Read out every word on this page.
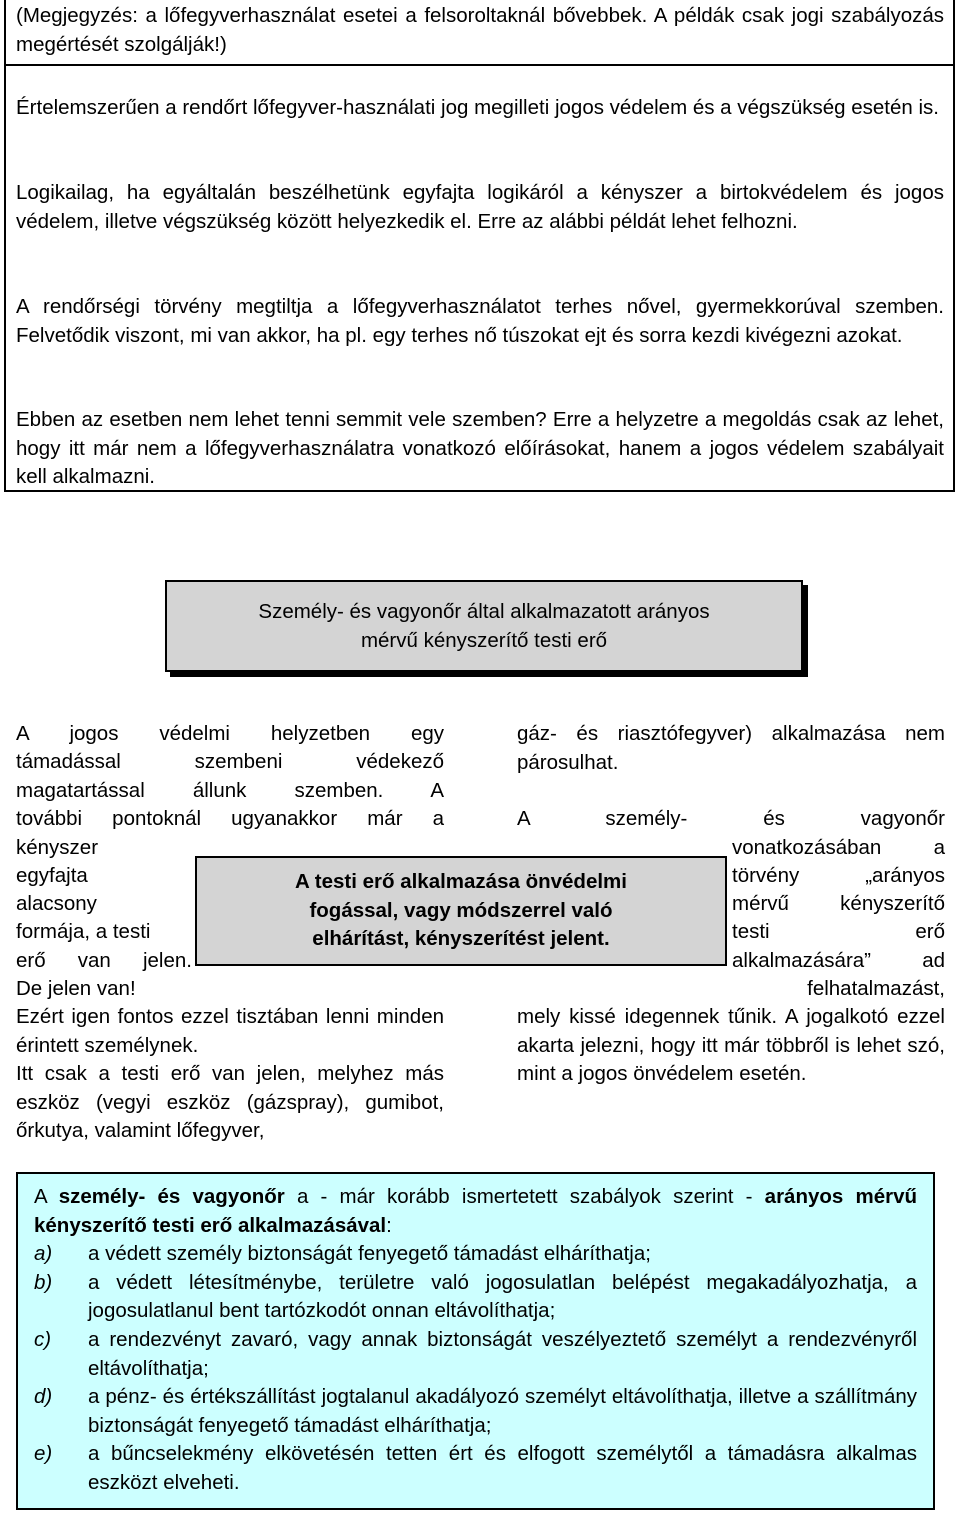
(Megjegyzés: a lőfegyverhasználat esetei a felsoroltaknál bővebbek. A példák csak jogi szabályozás megértését szolgálják!)

Értelemszerűen a rendőrt lőfegyver-használati jog megilleti jogos védelem és a végszükség esetén is.

Logikailag, ha egyáltalán beszélhetünk egyfajta logikáról a kényszer a birtokvédelem és jogos védelem, illetve végszükség között helyezkedik el. Erre az alábbi példát lehet felhozni.

A rendőrségi törvény megtiltja a lőfegyverhasználatot terhes nővel, gyermekkorúval szemben. Felvetődik viszont, mi van akkor, ha pl. egy terhes nő túszokat ejt és sorra kezdi kivégezni azokat.

Ebben az esetben nem lehet tenni semmit vele szemben? Erre a helyzetre a megoldás csak az lehet, hogy itt már nem a lőfegyverhasználatra vonatkozó előírásokat, hanem a jogos védelem szabályait kell alkalmazni.

Személy- és vagyonőr által alkalmazatott arányos
mérvű kényszerítő testi erő
A jogos védelmi helyzetben egy
támadással szembeni védekező
magatartással állunk szemben. A
további pontoknál ugyanakkor már a
kényszer
egyfajta
alacsony
formája, a testi
erő van jelen.
De jelen van!

Ezért igen fontos ezzel tisztában lenni minden érintett személynek.

Itt csak a testi erő van jelen, melyhez más eszköz (vegyi eszköz (gázspray), gumibot, őrkutya, valamint lőfegyver,

gáz- és riasztófegyver) alkalmazása nem párosulhat.

A személy- és vagyonőr
vonatkozásában a
törvény „arányos
mérvű kényszerítő
testi erő
alkalmazására” ad
felhatalmazást,

mely kissé idegennek tűnik. A jogalkotó ezzel akarta jelezni, hogy itt már többről is lehet szó, mint a jogos önvédelem esetén.

A testi erő alkalmazása önvédelmi
fogással, vagy módszerrel való
elhárítást, kényszerítést jelent.

A személy- és vagyonőr a - már korább ismertetett szabályok szerint - arányos mérvű kényszerítő testi erő alkalmazásával:

a) a védett személy biztonságát fenyegető támadást elháríthatja;
b) a védett létesítménybe, területre való jogosulatlan belépést megakadályozhatja, a jogosulatlanul bent tartózkodót onnan eltávolíthatja;
c) a rendezvényt zavaró, vagy annak biztonságát veszélyeztető személyt a rendezvényről eltávolíthatja;
d) a pénz- és értékszállítást jogtalanul akadályozó személyt eltávolíthatja, illetve a szállítmány biztonságát fenyegető támadást elháríthatja;
e) a bűncselekmény elkövetésén tetten ért és elfogott személytől a támadásra alkalmas eszközt elveheti.
